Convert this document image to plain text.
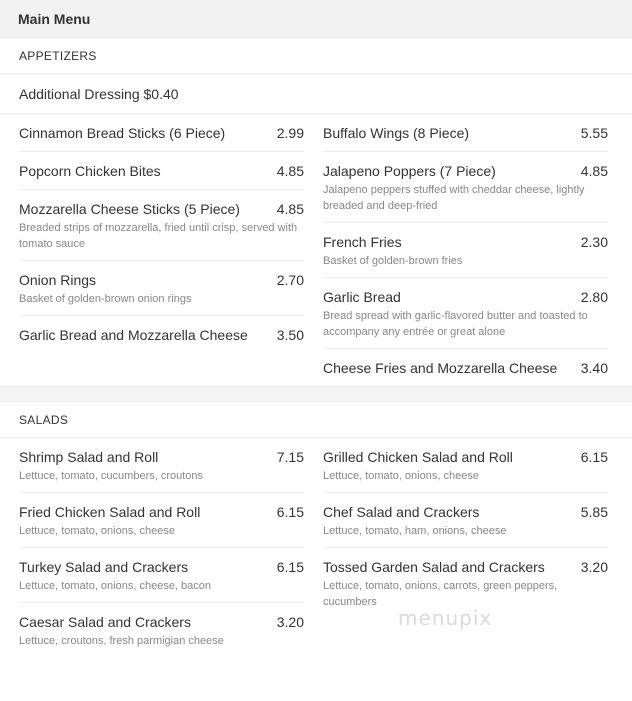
Main Menu
APPETIZERS
Additional Dressing $0.40
Cinnamon Bread Sticks (6 Piece)	2.99
Popcorn Chicken Bites	4.85
Mozzarella Cheese Sticks (5 Piece)	4.85
Breaded strips of mozzarella, fried until crisp, served with tomato sauce
Onion Rings	2.70
Basket of golden-brown onion rings
Garlic Bread and Mozzarella Cheese	3.50
Buffalo Wings (8 Piece)	5.55
Jalapeno Poppers (7 Piece)	4.85
Jalapeno peppers stuffed with cheddar cheese, lightly breaded and deep-fried
French Fries	2.30
Basket of golden-brown fries
Garlic Bread	2.80
Bread spread with garlic-flavored butter and toasted to accompany any entrée or great alone
Cheese Fries and Mozzarella Cheese 3.40
SALADS
Shrimp Salad and Roll	7.15
Lettuce, tomato, cucumbers, croutons
Fried Chicken Salad and Roll	6.15
Lettuce, tomato, onions, cheese
Turkey Salad and Crackers	6.15
Lettuce, tomato, onions, cheese, bacon
Caesar Salad and Crackers	3.20
Lettuce, croutons, fresh parmigian cheese
Grilled Chicken Salad and Roll	6.15
Lettuce, tomato, onions, cheese
Chef Salad and Crackers	5.85
Lettuce, tomato, ham, onions, cheese
Tossed Garden Salad and Crackers	3.20
Lettuce, tomato, onions, carrots, green peppers, cucumbers
menupix
